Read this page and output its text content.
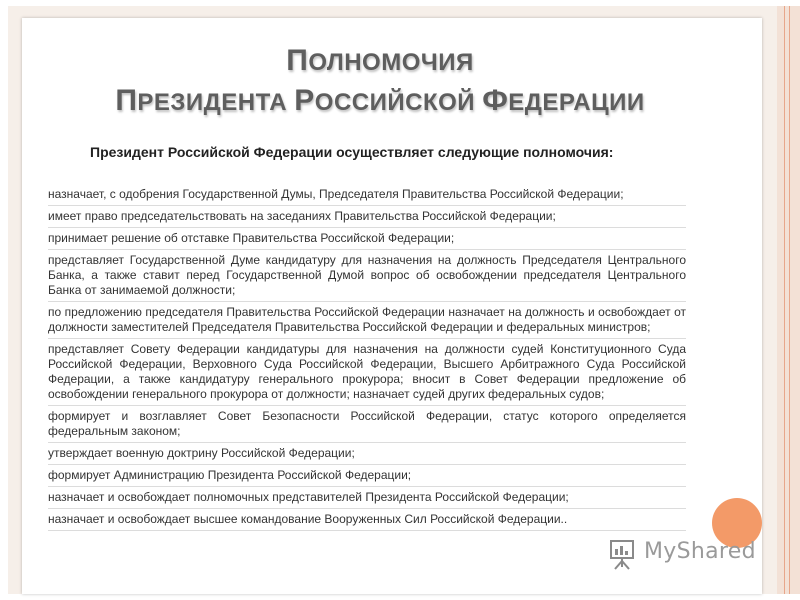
ПОЛНОМОЧИЯ
ПРЕЗИДЕНТА РОССИЙСКОЙ ФЕДЕРАЦИИ
Президент Российской Федерации осуществляет следующие полномочия:
назначает, с одобрения Государственной Думы, Председателя Правительства Российской Федерации;
имеет право председательствовать на заседаниях Правительства Российской Федерации;
принимает решение об отставке Правительства Российской Федерации;
представляет Государственной Думе кандидатуру для назначения на должность Председателя Центрального Банка, а также ставит перед Государственной Думой вопрос об освобождении председателя Центрального Банка от занимаемой должности;
по предложению председателя Правительства Российской Федерации назначает на должность и освобождает от должности заместителей Председателя Правительства Российской Федерации и федеральных министров;
представляет Совету Федерации кандидатуры для назначения на должности судей Конституционного Суда Российской Федерации, Верховного Суда Российской Федерации, Высшего Арбитражного Суда Российской Федерации, а также кандидатуру генерального прокурора; вносит в Совет Федерации предложение об освобождении генерального прокурора от должности; назначает судей других федеральных судов;
формирует и возглавляет Совет Безопасности Российской Федерации, статус которого определяется федеральным законом;
утверждает военную доктрину Российской Федерации;
формирует Администрацию Президента Российской Федерации;
назначает и освобождает полномочных представителей Президента Российской Федерации;
назначает и освобождает высшее командование Вооруженных Сил Российской Федерации..
MyShared
